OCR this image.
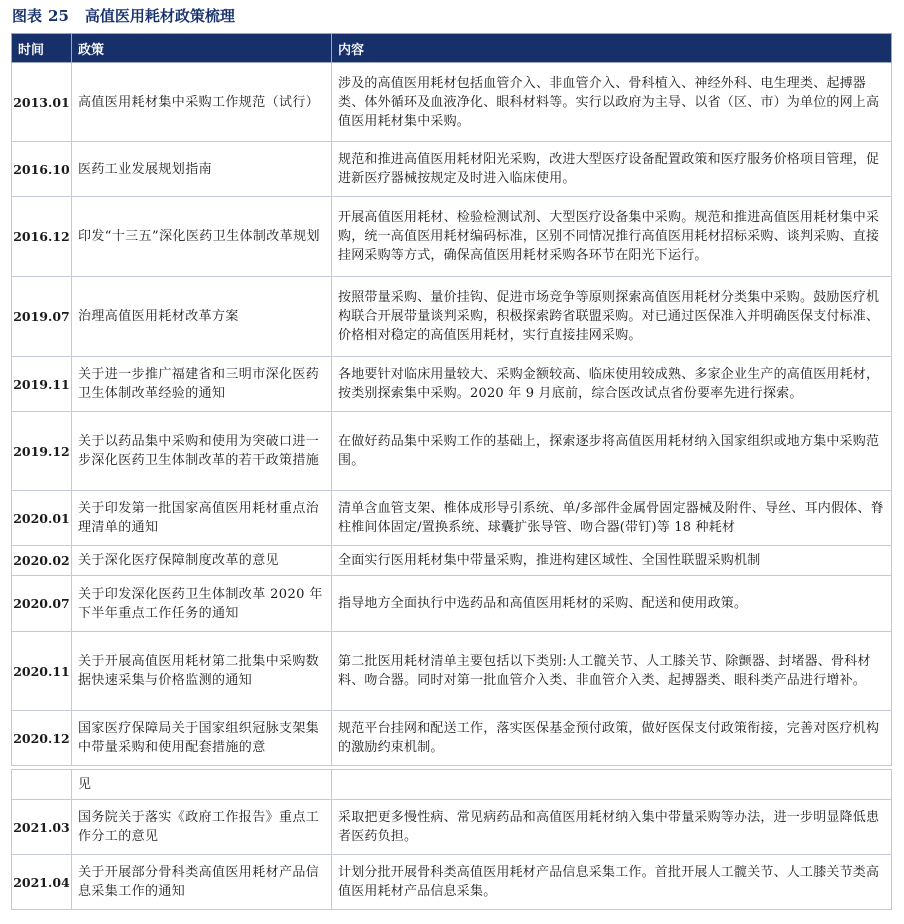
图表 25 高值医用耗材政策梳理
时间	政策	内容
2013.01	高值医用耗材集中采购工作规范（试行）	涉及的高值医用耗材包括血管介入、非血管介入、骨科植入、神经外科、电生理类、起搏器类、体外循环及血液净化、眼科材料等。实行以政府为主导、以省（区、市）为单位的网上高值医用耗材集中采购。
2016.10	医药工业发展规划指南	规范和推进高值医用耗材阳光采购，改进大型医疗设备配置政策和医疗服务价格项目管理，促进新医疗器械按规定及时进入临床使用。
2016.12	印发“十三五”深化医药卫生体制改革规划	开展高值医用耗材、检验检测试剂、大型医疗设备集中采购。规范和推进高值医用耗材集中采购，统一高值医用耗材编码标准，区别不同情况推行高值医用耗材招标采购、谈判采购、直接挂网采购等方式，确保高值医用耗材采购各环节在阳光下运行。
2019.07	治理高值医用耗材改革方案	按照带量采购、量价挂钩、促进市场竞争等原则探索高值医用耗材分类集中采购。鼓励医疗机构联合开展带量谈判采购，积极探索跨省联盟采购。对已通过医保准入并明确医保支付标准、价格相对稳定的高值医用耗材，实行直接挂网采购。
2019.11	关于进一步推广福建省和三明市深化医药卫生体制改革经验的通知	各地要针对临床用量较大、采购金额较高、临床使用较成熟、多家企业生产的高值医用耗材，按类别探索集中采购。2020 年 9 月底前，综合医改试点省份要率先进行探索。
2019.12	关于以药品集中采购和使用为突破口进一步深化医药卫生体制改革的若干政策措施	在做好药品集中采购工作的基础上，探索逐步将高值医用耗材纳入国家组织或地方集中采购范围。
2020.01	关于印发第一批国家高值医用耗材重点治理清单的通知	清单含血管支架、椎体成形导引系统、单/多部件金属骨固定器械及附件、导丝、耳内假体、脊柱椎间体固定/置换系统、球囊扩张导管、吻合器(带钉)等 18 种耗材
2020.02	关于深化医疗保障制度改革的意见	全面实行医用耗材集中带量采购，推进构建区域性、全国性联盟采购机制
2020.07	关于印发深化医药卫生体制改革 2020 年下半年重点工作任务的通知	指导地方全面执行中选药品和高值医用耗材的采购、配送和使用政策。
2020.11	关于开展高值医用耗材第二批集中采购数据快速采集与价格监测的通知	第二批医用耗材清单主要包括以下类别:人工髋关节、人工膝关节、除颤器、封堵器、骨科材料、吻合器。同时对第一批血管介入类、非血管介入类、起搏器类、眼科类产品进行增补。
2020.12	国家医疗保障局关于国家组织冠脉支架集中带量采购和使用配套措施的意	规范平台挂网和配送工作，落实医保基金预付政策，做好医保支付政策衔接，完善对医疗机构的激励约束机制。
	见	
2021.03	国务院关于落实《政府工作报告》重点工作分工的意见	采取把更多慢性病、常见病药品和高值医用耗材纳入集中带量采购等办法，进一步明显降低患者医药负担。
2021.04	关于开展部分骨科类高值医用耗材产品信息采集工作的通知	计划分批开展骨科类高值医用耗材产品信息采集工作。首批开展人工髋关节、人工膝关节类高值医用耗材产品信息采集。
